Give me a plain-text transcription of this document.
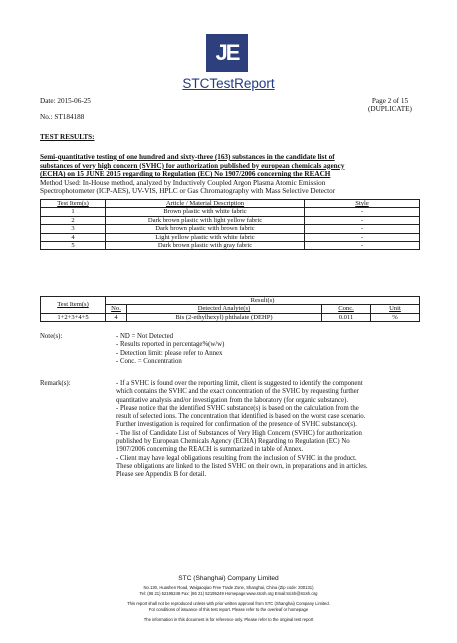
JE
STCTestReport
Date: 2015-06-25
No.: ST184188
Page 2 of 15
(DUPLICATE)
TEST RESULTS:
Semi-quantitative testing of one hundred and sixty-three (163) substances in the candidate list of
substances of very high concern (SVHC) for authorization published by european chemicals agency
(ECHA) on 15 JUNE 2015 regarding to Regulation (EC) No 1907/2006 concerning the REACH
Method Used: In-House method, analyzed by Inductively Coupled Argon Plasma Atomic Emission
Spectrophotometer (ICP-AES), UV-VIS, HPLC or Gas Chromatography with Mass Selective Detector
Test Item(s)	Article / Material Description	Style
1	Brown plastic with white fabric	-
2	Dark brown plastic with light yellow fabric	-
3	Dark brown plastic with brown fabric	-
4	Light yellow plastic with white fabric	-
5	Dark brown plastic with gray fabric	-
Test Item(s)	Result(s)			
	No.	Detected Analyte(s)	Conc.	Unit
1+2+3+4+5	4	Bis (2-ethylhexyl) phthalate (DEHP)	0.011	%
Note(s):	- ND = Not Detected
- Results reported in percentage%(w/w)
- Detection limit: please refer to Annex
- Conc. = Concentration
Remark(s):	- If a SVHC is found over the reporting limit, client is suggested to identify the component
which contains the SVHC and the exact concentration of the SVHC by requesting further
quantitative analysis and/or investigation from the laboratory (for organic substance).
- Please notice that the identified SVHC substance(s) is based on the calculation from the
result of selected ions. The concentration that identified is based on the worst case scenario.
Further investigation is required for confirmation of the presence of SVHC substance(s).
- The list of Candidate List of Substances of Very High Concern (SVHC) for authorization
published by European Chemicals Agency (ECHA) Regarding to Regulation (EC) No
1907/2006 concerning the REACH is summarized in table of Annex.
- Client may have legal obligations resulting from the inclusion of SVHC in the product.
These obligations are linked to the listed SVHC on their own, in preparations and in articles.
Please see Appendix B for detail.
STC (Shanghai) Company Limited
No.130, Huashen Road, Waigaoqiao Free Trade Zone, Shanghai, China (Zip code: 200131)
Tel: (86 21) 52195248 Fax: (86 21) 52195249 Homepage:www.stcsh.org Email:stcsh@stcsh.org
This report shall not be reproduced unless with prior written approval from STC (Shanghai) Company Limited.
For conditions of issuance of this test report. Please refer to the overleaf or homepage
The information in this document is for reference only. Please refer to the original test report
